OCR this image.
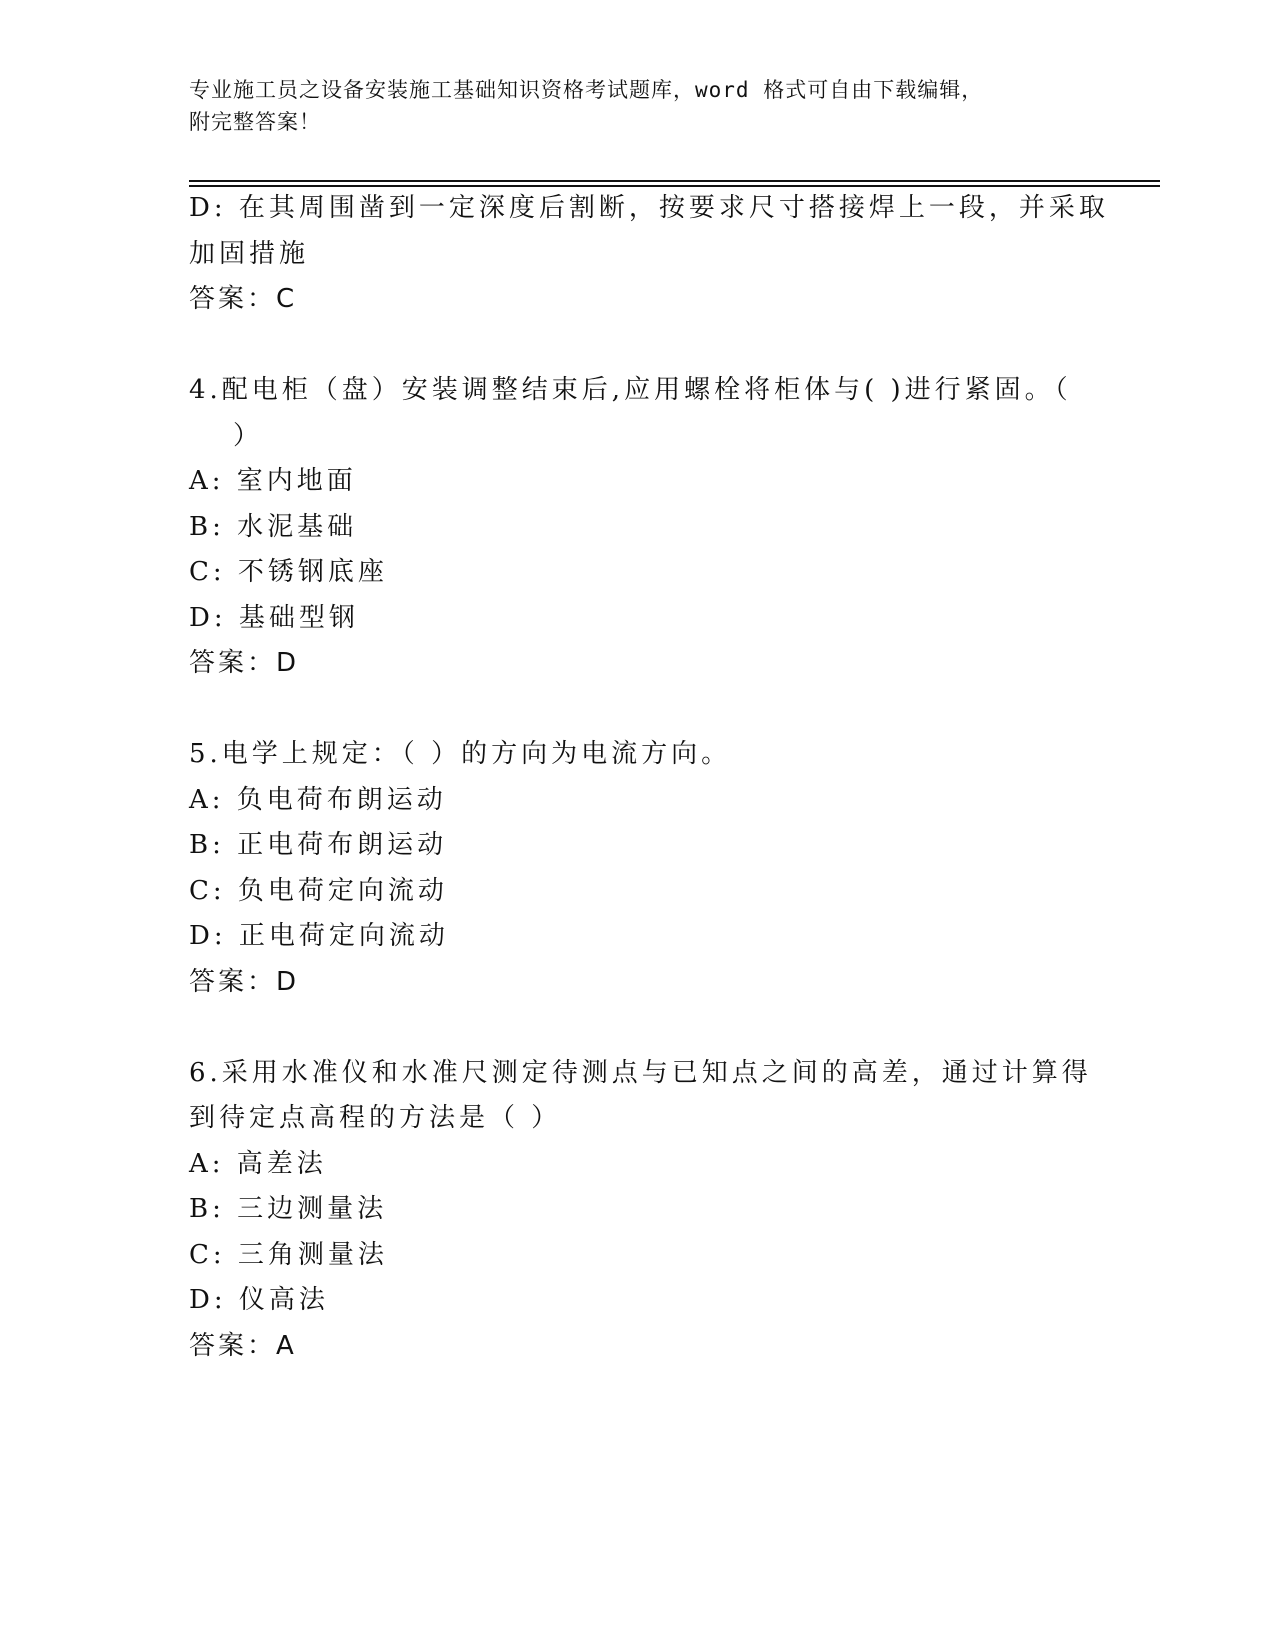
专业施工员之设备安装施工基础知识资格考试题库，word 格式可自由下载编辑，
附完整答案！
D: 在其周围凿到一定深度后割断，按要求尺寸搭接焊上一段，并采取
加固措施
答案：C
4.配电柜（盘）安装调整结束后,应用螺栓将柜体与( )进行紧固。（
）
A: 室内地面
B: 水泥基础
C: 不锈钢底座
D: 基础型钢
答案：D
5.电学上规定：（ ）的方向为电流方向。
A: 负电荷布朗运动
B: 正电荷布朗运动
C: 负电荷定向流动
D: 正电荷定向流动
答案：D
6.采用水准仪和水准尺测定待测点与已知点之间的高差，通过计算得
到待定点高程的方法是（ ）
A: 高差法
B: 三边测量法
C: 三角测量法
D: 仪高法
答案：A
